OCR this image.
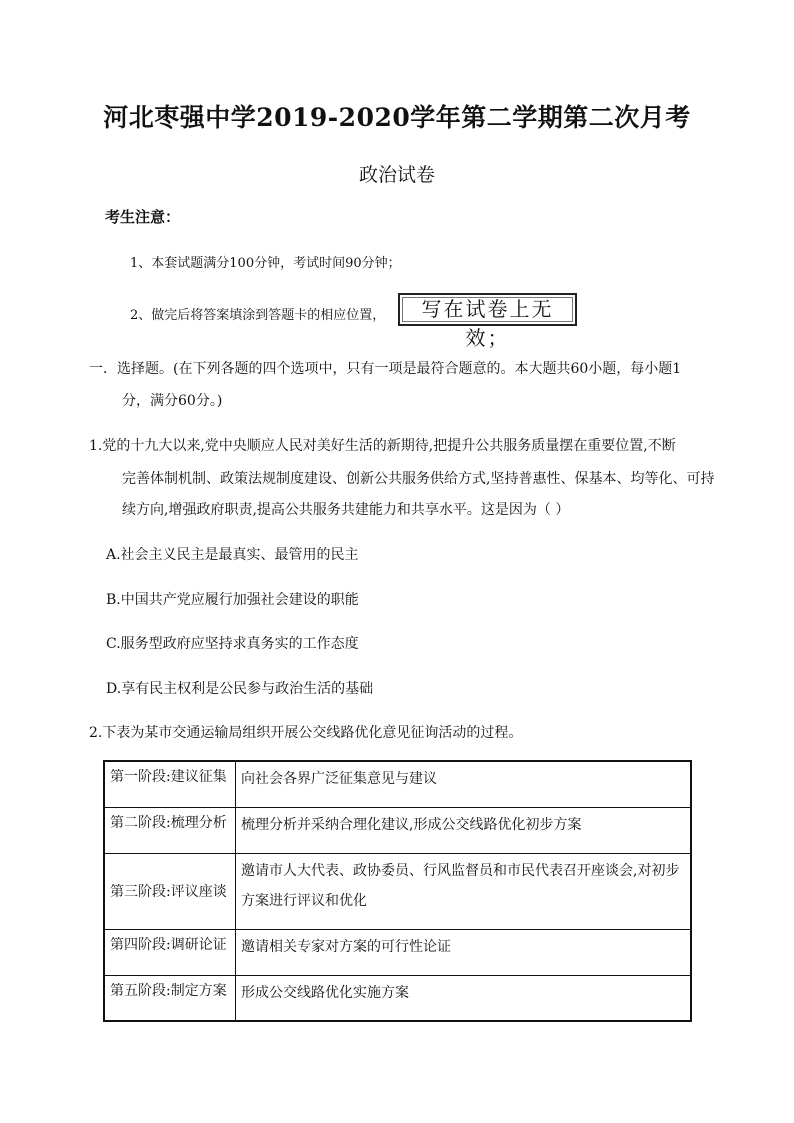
河北枣强中学2019-2020学年第二学期第二次月考
政治试卷
考生注意：
1、本套试题满分100分钟，考试时间90分钟；
2、做完后将答案填涂到答题卡的相应位置，	写在试卷上无效；
一．选择题。(在下列各题的四个选项中，只有一项是最符合题意的。本大题共60小题，每小题1
分，满分60分。)
1.党的十九大以来,党中央顺应人民对美好生活的新期待,把提升公共服务质量摆在重要位置,不断
完善体制机制、政策法规制度建设、创新公共服务供给方式,坚持普惠性、保基本、均等化、可持
续方向,增强政府职责,提高公共服务共建能力和共享水平。这是因为（ ）
A.社会主义民主是最真实、最管用的民主
B.中国共产党应履行加强社会建设的职能
C.服务型政府应坚持求真务实的工作态度
D.享有民主权利是公民参与政治生活的基础
2.下表为某市交通运输局组织开展公交线路优化意见征询活动的过程。
第一阶段:建议征集	向社会各界广泛征集意见与建议
第二阶段:梳理分析	梳理分析并采纳合理化建议,形成公交线路优化初步方案
第三阶段:评议座谈	邀请市人大代表、政协委员、行风监督员和市民代表召开座谈会,对初步方案进行评议和优化
第四阶段:调研论证	邀请相关专家对方案的可行性论证
第五阶段:制定方案	形成公交线路优化实施方案
